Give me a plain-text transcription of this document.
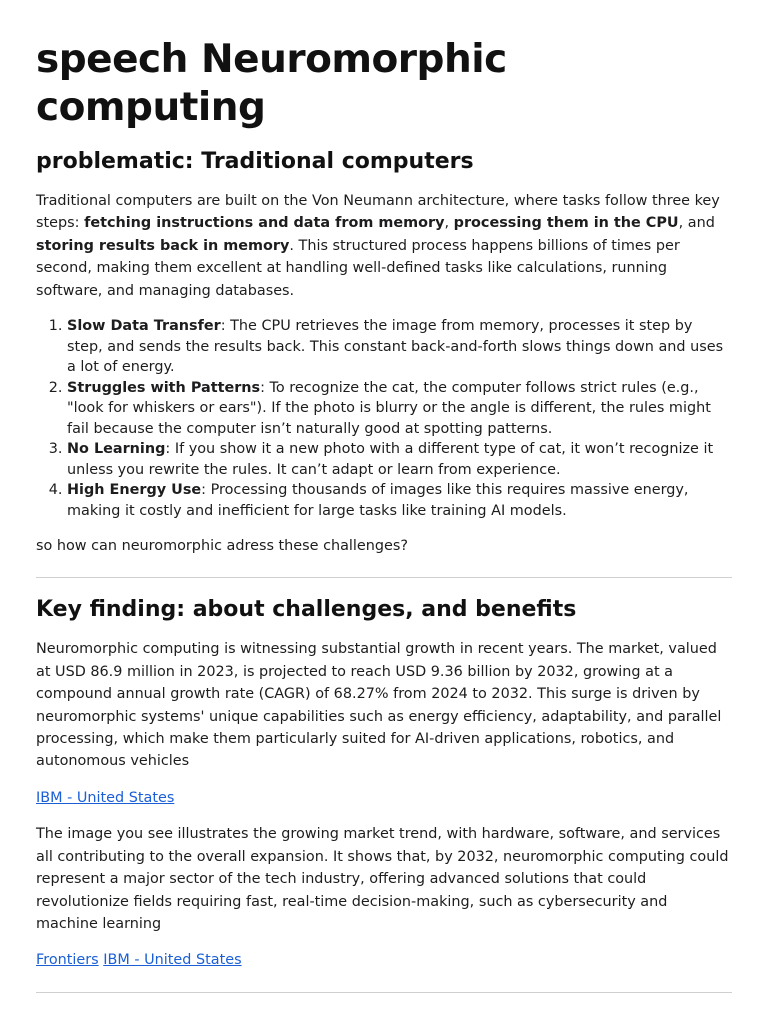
speech Neuromorphic computing
problematic: Traditional computers

Traditional computers are built on the Von Neumann architecture, where tasks follow three key steps: fetching instructions and data from memory, processing them in the CPU, and storing results back in memory. This structured process happens billions of times per second, making them excellent at handling well-defined tasks like calculations, running software, and managing databases.

1. Slow Data Transfer: The CPU retrieves the image from memory, processes it step by step, and sends the results back. This constant back-and-forth slows things down and uses a lot of energy.
2. Struggles with Patterns: To recognize the cat, the computer follows strict rules (e.g., "look for whiskers or ears"). If the photo is blurry or the angle is different, the rules might fail because the computer isn’t naturally good at spotting patterns.
3. No Learning: If you show it a new photo with a different type of cat, it won’t recognize it unless you rewrite the rules. It can’t adapt or learn from experience.
4. High Energy Use: Processing thousands of images like this requires massive energy, making it costly and inefficient for large tasks like training AI models.

so how can neuromorphic adress these challenges?

Key finding: about challenges, and benefits

Neuromorphic computing is witnessing substantial growth in recent years. The market, valued at USD 86.9 million in 2023, is projected to reach USD 9.36 billion by 2032, growing at a compound annual growth rate (CAGR) of 68.27% from 2024 to 2032. This surge is driven by neuromorphic systems' unique capabilities such as energy efficiency, adaptability, and parallel processing, which make them particularly suited for AI-driven applications, robotics, and autonomous vehicles

IBM - United States

The image you see illustrates the growing market trend, with hardware, software, and services all contributing to the overall expansion. It shows that, by 2032, neuromorphic computing could represent a major sector of the tech industry, offering advanced solutions that could revolutionize fields requiring fast, real-time decision-making, such as cybersecurity and machine learning

Frontiers IBM - United States
